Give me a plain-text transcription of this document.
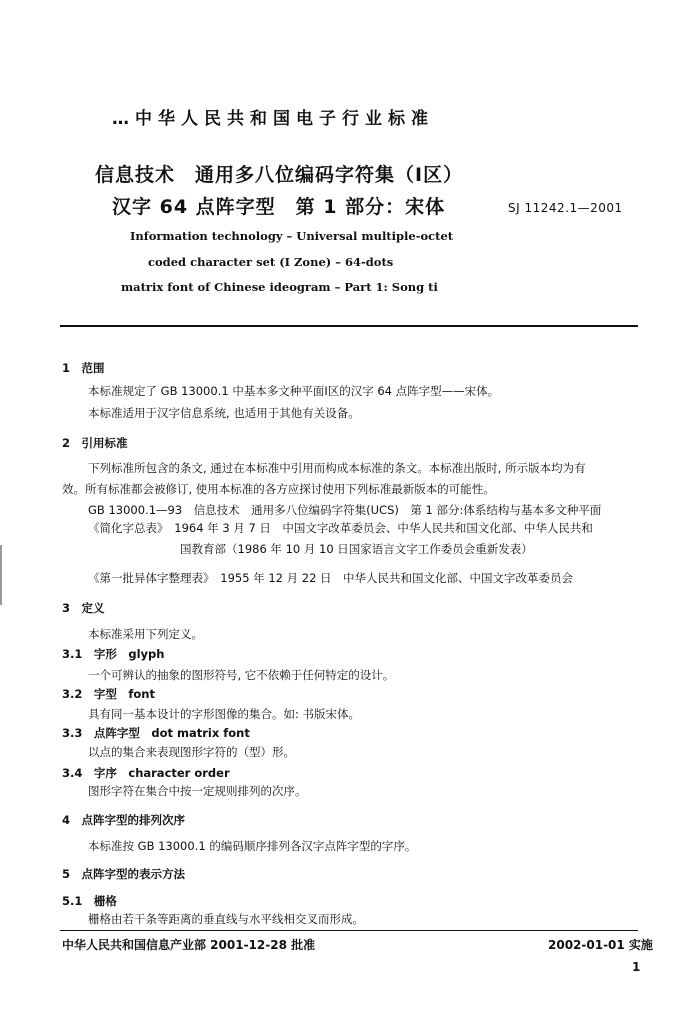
…中华人民共和国电子行业标准
信息技术　通用多八位编码字符集（Ⅰ区）
汉字 64 点阵字型　第 1 部分：宋体	SJ 11242.1—2001
Information technology – Universal multiple-octet
coded character set (Ⅰ Zone) – 64-dots
matrix font of Chinese ideogram – Part 1: Song ti
1　范围
本标准规定了 GB 13000.1 中基本多文种平面Ⅰ区的汉字 64 点阵字型——宋体。
本标准适用于汉字信息系统, 也适用于其他有关设备。
2　引用标准
下列标准所包含的条文, 通过在本标准中引用而构成本标准的条文。本标准出版时, 所示版本均为有
效。所有标准都会被修订, 使用本标准的各方应探讨使用下列标准最新版本的可能性。
GB 13000.1—93　信息技术　通用多八位编码字符集(UCS)　第 1 部分:体系结构与基本多文种平面
《简化字总表》　1964 年 3 月 7 日　中国文字改革委员会、中华人民共和国文化部、中华人民共和
国教育部（1986 年 10 月 10 日国家语言文字工作委员会重新发表）
《第一批异体字整理表》　1955 年 12 月 22 日　中华人民共和国文化部、中国文字改革委员会
3　定义
本标准采用下列定义。
3.1　字形　glyph
一个可辨认的抽象的图形符号, 它不依赖于任何特定的设计。
3.2　字型　font
具有同一基本设计的字形图像的集合。如: 书版宋体。
3.3　点阵字型　dot matrix font
以点的集合来表现图形字符的（型）形。
3.4　字序　character order
图形字符在集合中按一定规则排列的次序。
4　点阵字型的排列次序
本标准按 GB 13000.1 的编码顺序排列各汉字点阵字型的字序。
5　点阵字型的表示方法
5.1　栅格
栅格由若干条等距离的垂直线与水平线相交叉而形成。
中华人民共和国信息产业部 2001-12-28 批准	2002-01-01 实施
1
